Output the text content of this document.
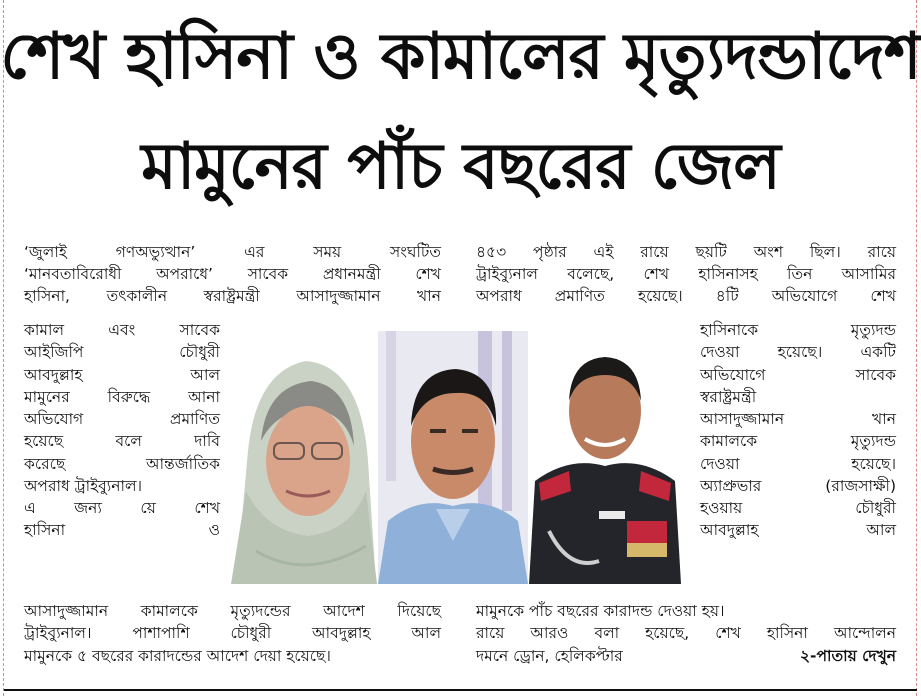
শেখ হাসিনা ও কামালের মৃত্যুদন্ডাদেশ
মামুনের পাঁচ বছরের জেল
‘জুলাই গণঅভ্যুত্থান’ এর সময় সংঘটিত
‘মানবতাবিরোধী অপরাধে’ সাবেক প্রধানমন্ত্রী শেখ
হাসিনা, তৎকালীন স্বরাষ্ট্রমন্ত্রী আসাদুজ্জামান খান
কামাল এবং সাবেক
আইজিপি চৌধুরী
আবদুল্লাহ আল
মামুনের বিরুদ্ধে আনা
অভিযোগ প্রমাণিত
হয়েছে বলে দাবি
করেছে আন্তর্জাতিক
অপরাধ ট্রাইব্যুনাল।
এ জন্য য়ে শেখ
হাসিনা ও
আসাদুজ্জামান কামালকে মৃত্যুদন্ডের আদেশ দিয়েছে
ট্রাইব্যুনাল। পাশাপাশি চৌধুরী আবদুল্লাহ আল
মামুনকে ৫ বছরের কারাদন্ডের আদেশ দেয়া হয়েছে।
৪৫৩ পৃষ্ঠার এই রায়ে ছয়টি অংশ ছিল। রায়ে
ট্রাইব্যুনাল বলেছে, শেখ হাসিনাসহ তিন আসামির
অপরাধ প্রমাণিত হয়েছে। ৪টি অভিযোগে শেখ
হাসিনাকে মৃত্যুদন্ড
দেওয়া হয়েছে। একটি
অভিযোগে সাবেক
স্বরাষ্ট্রমন্ত্রী
আসাদুজ্জামান খান
কামালকে মৃত্যুদন্ড
দেওয়া হয়েছে।
অ্যাপ্রুভার (রাজসাক্ষী)
হওয়ায় চৌধুরী
আবদুল্লাহ আল
মামুনকে পাঁচ বছরের কারাদন্ড দেওয়া হয়।
রায়ে আরও বলা হয়েছে, শেখ হাসিনা আন্দোলন
দমনে ড্রোন, হেলিকপ্টার	২-পাতায় দেখুন
